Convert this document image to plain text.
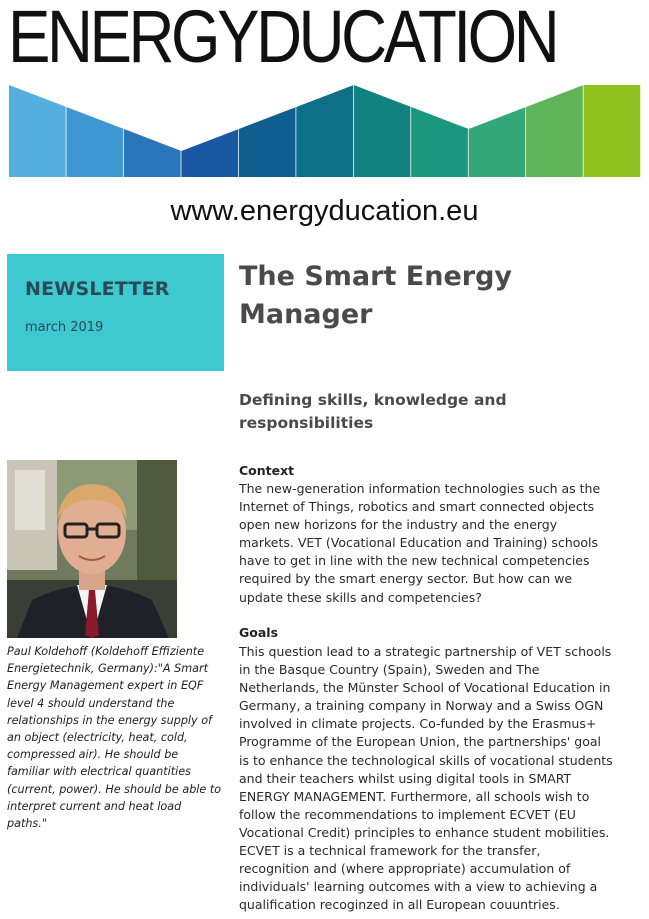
ENERGYDUCATION
www.energyducation.eu
NEWSLETTER
march 2019
The Smart Energy Manager
Defining skills, knowledge and responsibilities
Paul Koldehoff (Koldehoff Effiziente Energietechnik, Germany):"A Smart Energy Management expert in EQF level 4 should understand the relationships in the energy supply of an object (electricity, heat, cold, compressed air). He should be familiar with electrical quantities (current, power). He should be able to interpret current and heat load paths."
Context
The new-generation information technologies such as the Internet of Things, robotics and smart connected objects open new horizons for the industry and the energy markets. VET (Vocational Education and Training) schools have to get in line with the new technical competencies required by the smart energy sector. But how can we update these skills and competencies?
Goals
This question lead to a strategic partnership of VET schools in the Basque Country (Spain), Sweden and The Netherlands, the Münster School of Vocational Education in Germany, a training company in Norway and a Swiss OGN involved in climate projects. Co-funded by the Erasmus+ Programme of the European Union, the partnerships' goal is to enhance the technological skills of vocational students and their teachers whilst using digital tools in SMART ENERGY MANAGEMENT. Furthermore, all schools wish to follow the recommendations to implement ECVET (EU Vocational Credit) principles to enhance student mobilities. ECVET is a technical framework for the transfer, recognition and (where appropriate) accumulation of individuals' learning outcomes with a view to achieving a qualification recoginzed in all European couuntries.
